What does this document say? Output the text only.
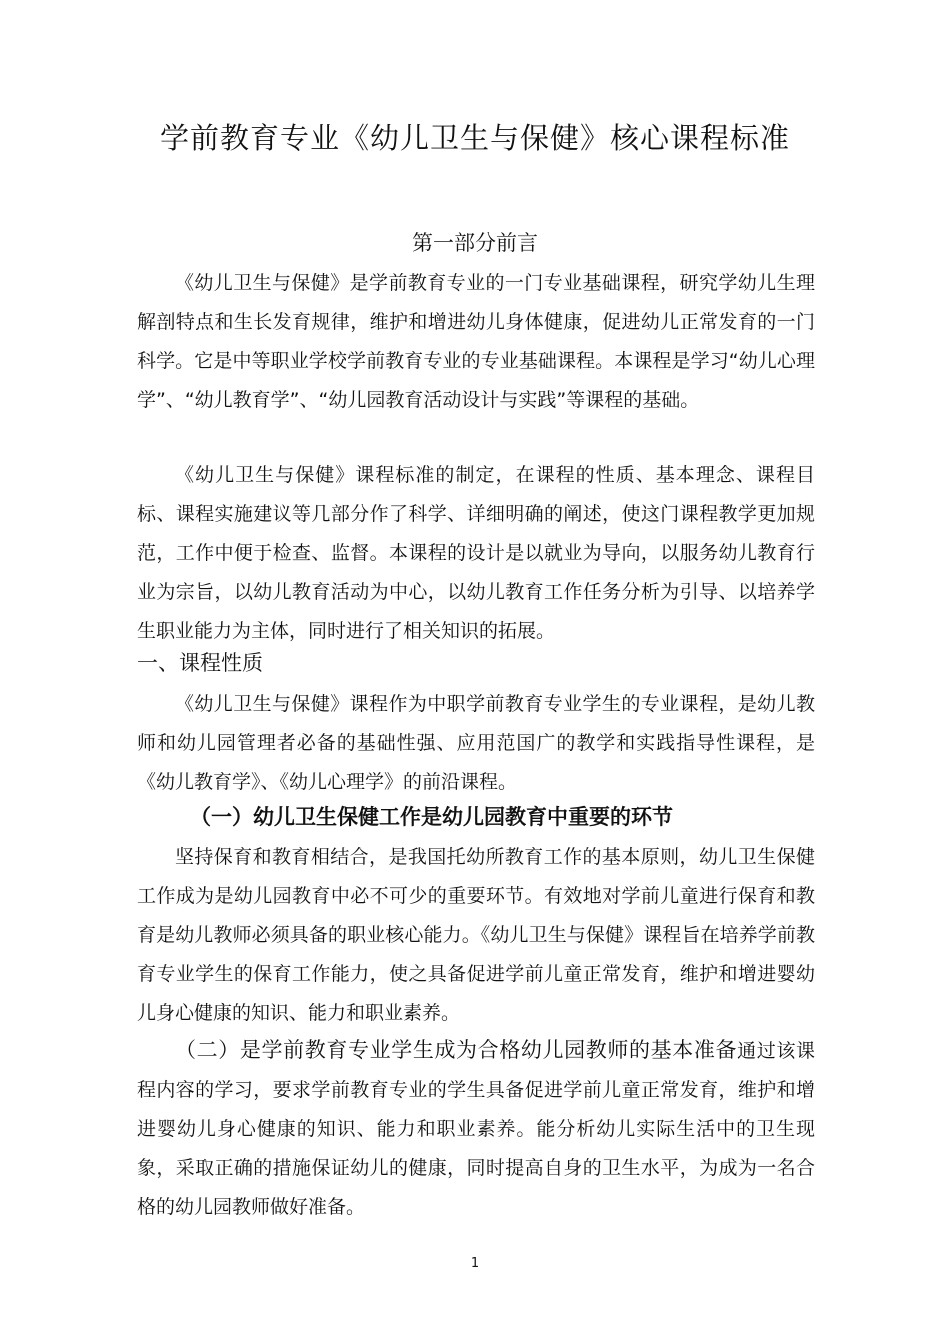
学前教育专业《幼儿卫生与保健》核心课程标准
第一部分前言

《幼儿卫生与保健》是学前教育专业的一门专业基础课程，研究学幼儿生理解剖特点和生长发育规律，维护和增进幼儿身体健康，促进幼儿正常发育的一门科学。它是中等职业学校学前教育专业的专业基础课程。本课程是学习“幼儿心理学”、“幼儿教育学”、“幼儿园教育活动设计与实践”等课程的基础。

《幼儿卫生与保健》课程标准的制定，在课程的性质、基本理念、课程目标、课程实施建议等几部分作了科学、详细明确的阐述，使这门课程教学更加规范，工作中便于检查、监督。本课程的设计是以就业为导向，以服务幼儿教育行业为宗旨，以幼儿教育活动为中心，以幼儿教育工作任务分析为引导、以培养学生职业能力为主体，同时进行了相关知识的拓展。

一、课程性质

《幼儿卫生与保健》课程作为中职学前教育专业学生的专业课程，是幼儿教师和幼儿园管理者必备的基础性强、应用范国广的教学和实践指导性课程，是《幼儿教育学》、《幼儿心理学》的前沿课程。

（一）幼儿卫生保健工作是幼儿园教育中重要的环节

坚持保育和教育相结合，是我国托幼所教育工作的基本原则，幼儿卫生保健工作成为是幼儿园教育中必不可少的重要环节。有效地对学前儿童进行保育和教育是幼儿教师必须具备的职业核心能力。《幼儿卫生与保健》课程旨在培养学前教育专业学生的保育工作能力，使之具备促进学前儿童正常发育，维护和增进婴幼儿身心健康的知识、能力和职业素养。

（二）是学前教育专业学生成为合格幼儿园教师的基本准备通过该课程内容的学习，要求学前教育专业的学生具备促进学前儿童正常发育，维护和增进婴幼儿身心健康的知识、能力和职业素养。能分析幼儿实际生活中的卫生现象，采取正确的措施保证幼儿的健康，同时提高自身的卫生水平，为成为一名合格的幼儿园教师做好准备。

1
